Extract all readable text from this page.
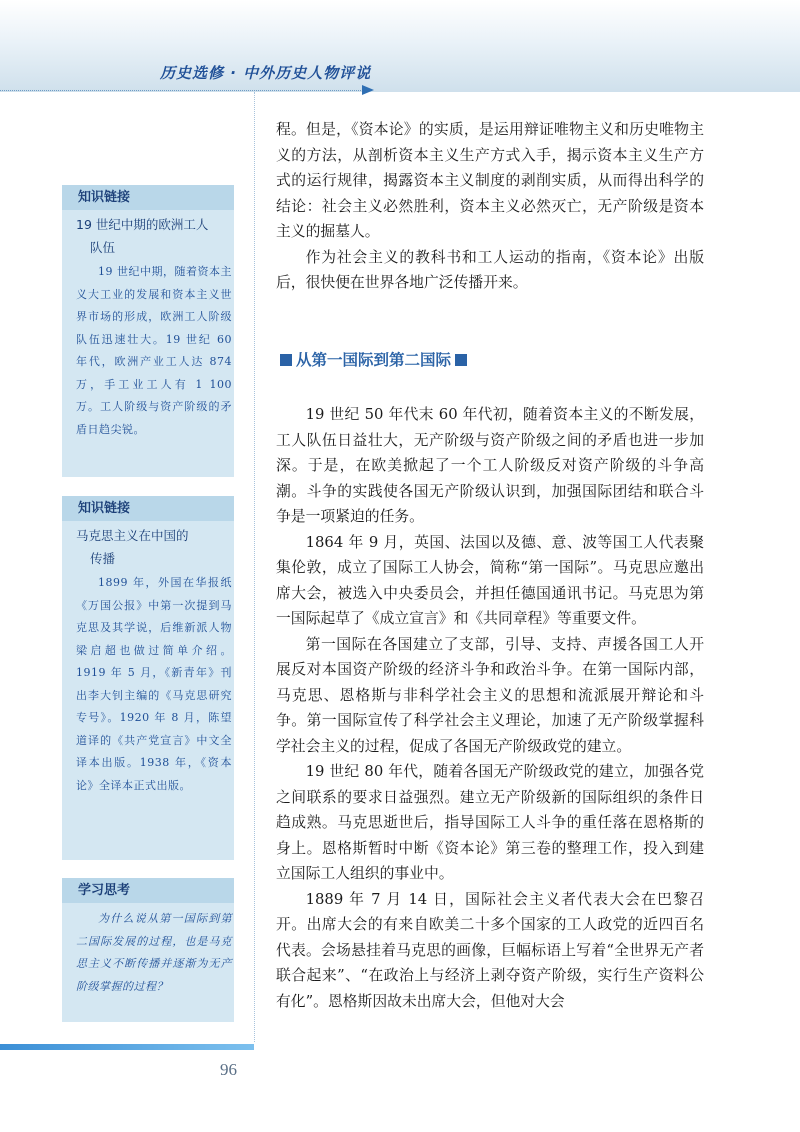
历史选修 · 中外历史人物评说
知识链接
19 世纪中期的欧洲工人
队伍
19 世纪中期，随着资本主义大工业的发展和资本主义世界市场的形成，欧洲工人阶级队伍迅速壮大。19 世纪 60 年代，欧洲产业工人达 874 万，手工业工人有 1 100 万。工人阶级与资产阶级的矛盾日趋尖锐。
知识链接
马克思主义在中国的
传播
1899 年，外国在华报纸《万国公报》中第一次提到马克思及其学说，后维新派人物梁启超也做过简单介绍。1919 年 5 月，《新青年》刊出李大钊主编的《马克思研究专号》。1920 年 8 月，陈望道译的《共产党宣言》中文全译本出版。1938 年，《资本论》全译本正式出版。
学习思考
为什么说从第一国际到第二国际发展的过程，也是马克思主义不断传播并逐渐为无产阶级掌握的过程？

程。但是，《资本论》的实质，是运用辩证唯物主义和历史唯物主义的方法，从剖析资本主义生产方式入手，揭示资本主义生产方式的运行规律，揭露资本主义制度的剥削实质，从而得出科学的结论：社会主义必然胜利，资本主义必然灭亡，无产阶级是资本主义的掘墓人。

作为社会主义的教科书和工人运动的指南，《资本论》出版后，很快便在世界各地广泛传播开来。

从第一国际到第二国际

19 世纪 50 年代末 60 年代初，随着资本主义的不断发展，工人队伍日益壮大，无产阶级与资产阶级之间的矛盾也进一步加深。于是，在欧美掀起了一个工人阶级反对资产阶级的斗争高潮。斗争的实践使各国无产阶级认识到，加强国际团结和联合斗争是一项紧迫的任务。

1864 年 9 月，英国、法国以及德、意、波等国工人代表聚集伦敦，成立了国际工人协会，简称“第一国际”。马克思应邀出席大会，被选入中央委员会，并担任德国通讯书记。马克思为第一国际起草了《成立宣言》和《共同章程》等重要文件。

第一国际在各国建立了支部，引导、支持、声援各国工人开展反对本国资产阶级的经济斗争和政治斗争。在第一国际内部，马克思、恩格斯与非科学社会主义的思想和流派展开辩论和斗争。第一国际宣传了科学社会主义理论，加速了无产阶级掌握科学社会主义的过程，促成了各国无产阶级政党的建立。

19 世纪 80 年代，随着各国无产阶级政党的建立，加强各党之间联系的要求日益强烈。建立无产阶级新的国际组织的条件日趋成熟。马克思逝世后，指导国际工人斗争的重任落在恩格斯的身上。恩格斯暂时中断《资本论》第三卷的整理工作，投入到建立国际工人组织的事业中。

1889 年 7 月 14 日，国际社会主义者代表大会在巴黎召开。出席大会的有来自欧美二十多个国家的工人政党的近四百名代表。会场悬挂着马克思的画像，巨幅标语上写着“全世界无产者联合起来”、“在政治上与经济上剥夺资产阶级，实行生产资料公有化”。恩格斯因故未出席大会，但他对大会

96
